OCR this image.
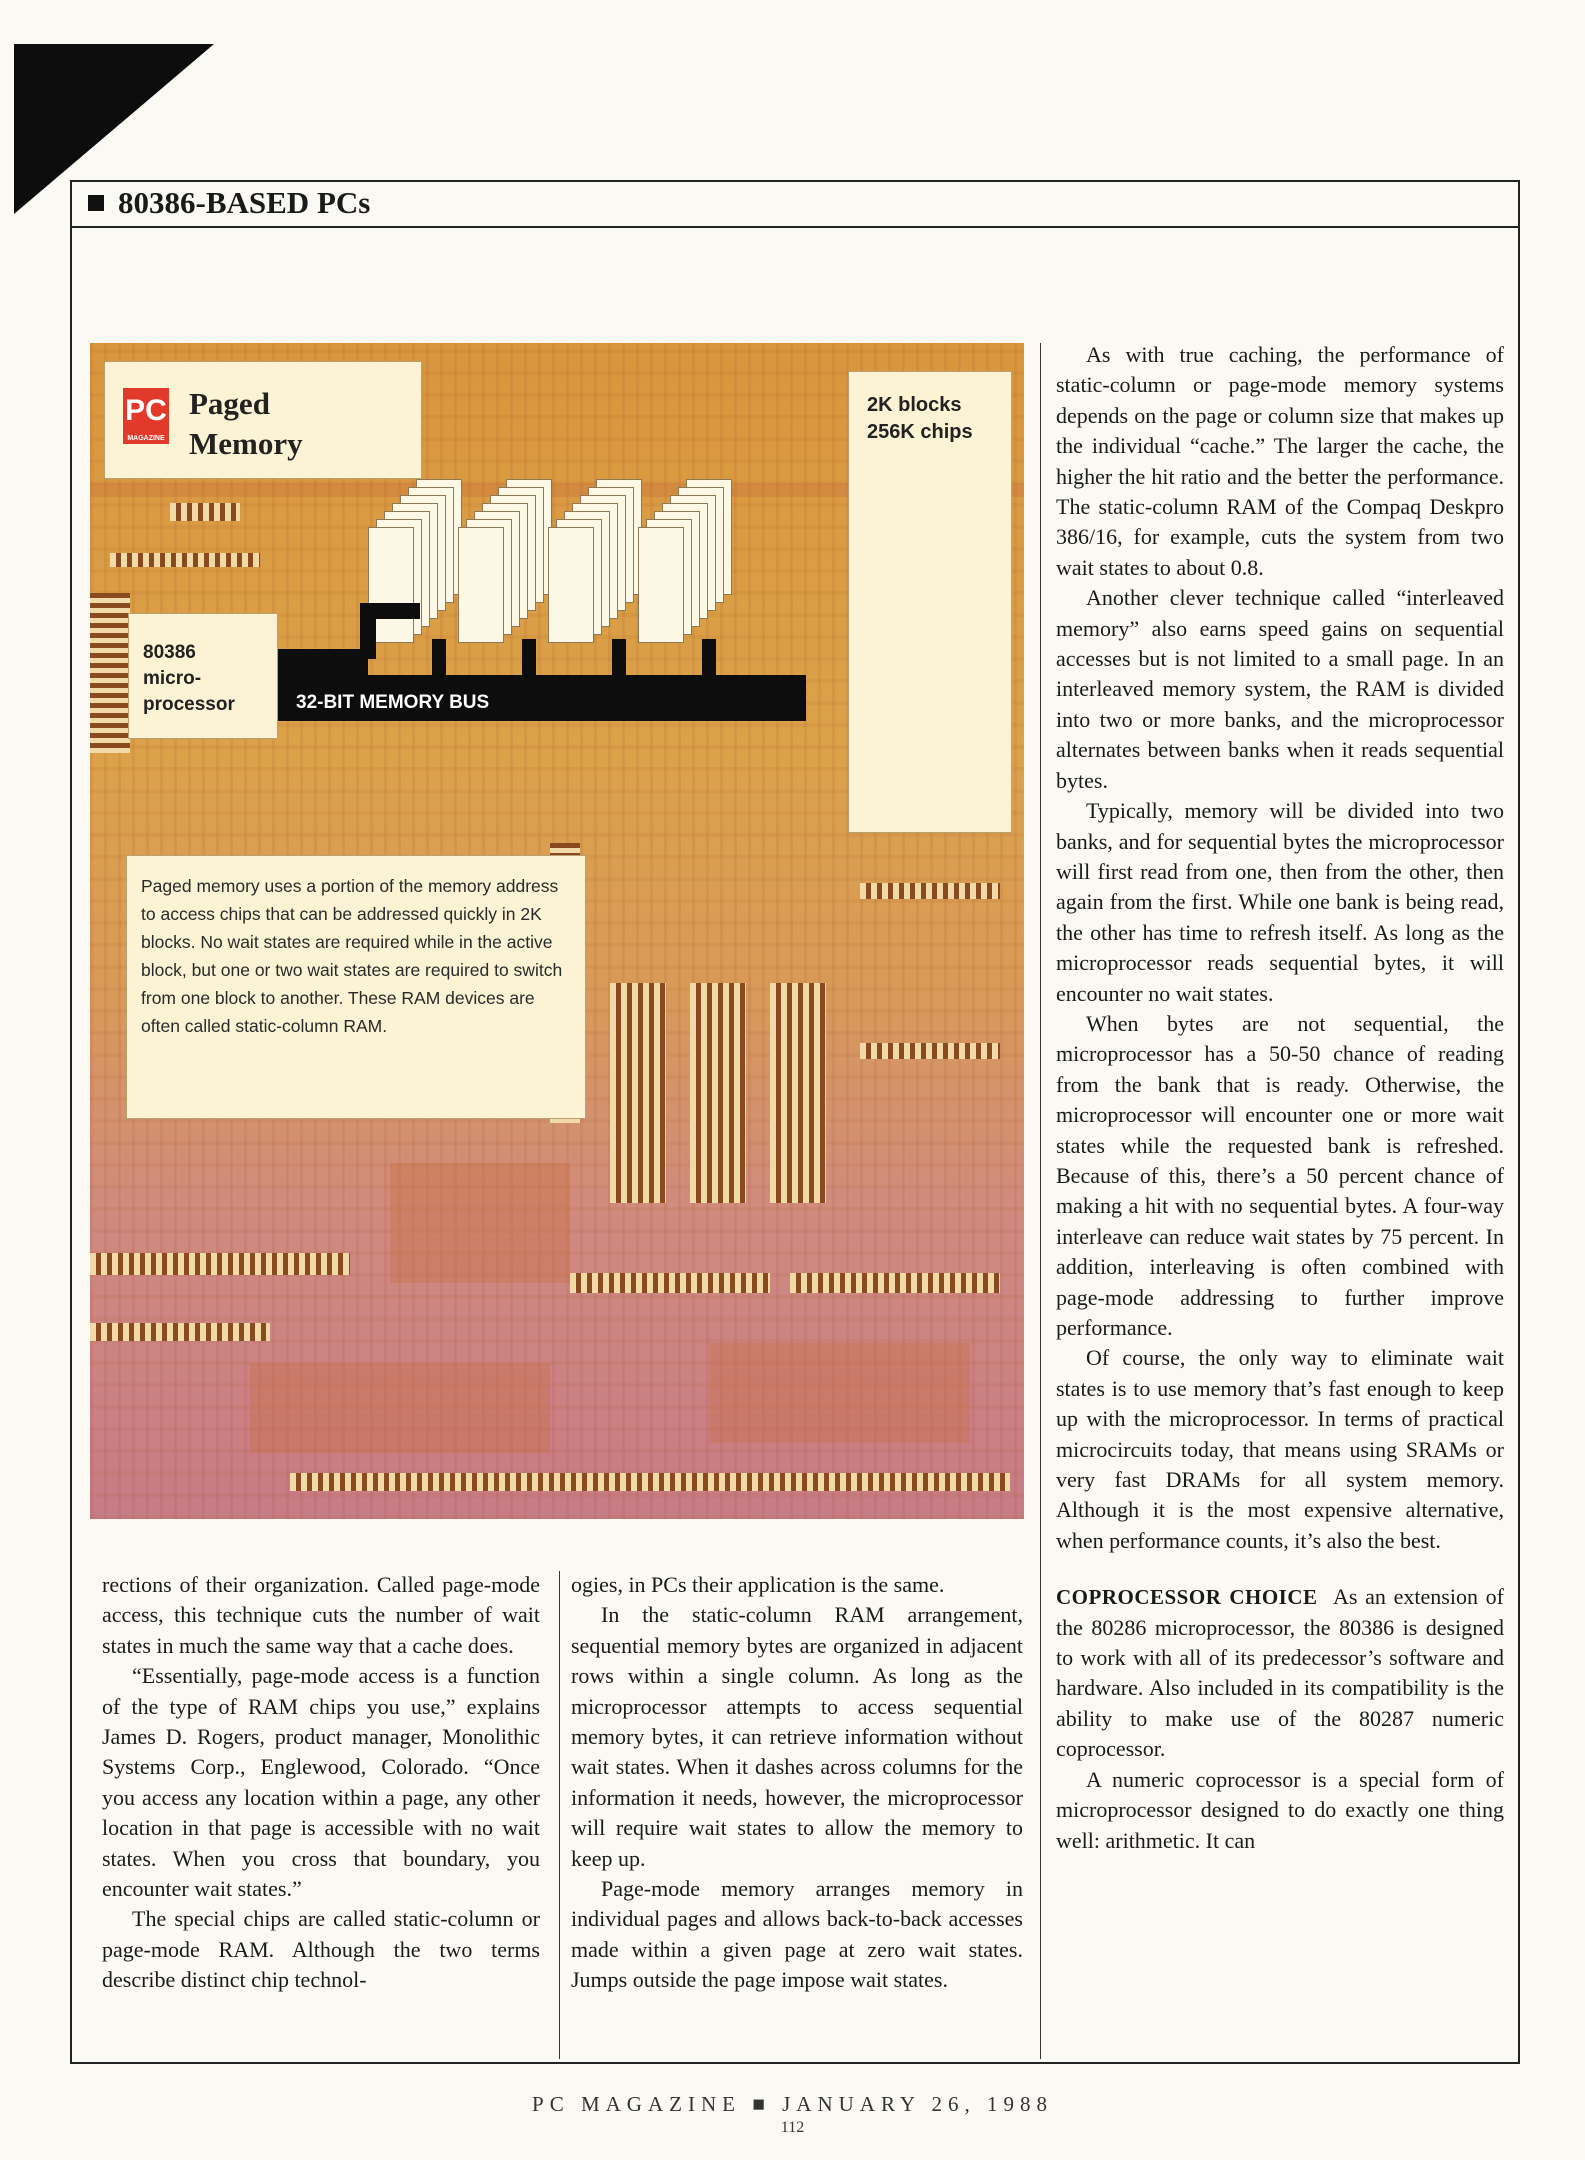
80386-BASED PCs
PC
MAGAZINE
Paged
Memory
2K blocks
256K chips
32-BIT MEMORY BUS
80386
micro-
processor
Paged memory uses a portion of the memory address to access chips that can be addressed quickly in 2K blocks. No wait states are required while in the active block, but one or two wait states are required to switch from one block to another. These RAM devices are often called static-column RAM.

rections of their organization. Called page-mode access, this technique cuts the number of wait states in much the same way that a cache does.

“Essentially, page-mode access is a function of the type of RAM chips you use,” explains James D. Rogers, product manager, Monolithic Systems Corp., Englewood, Colorado. “Once you access any location within a page, any other location in that page is accessible with no wait states. When you cross that boundary, you encounter wait states.”

The special chips are called static-column or page-mode RAM. Although the two terms describe distinct chip technol-

ogies, in PCs their application is the same.

In the static-column RAM arrangement, sequential memory bytes are organized in adjacent rows within a single column. As long as the microprocessor attempts to access sequential memory bytes, it can retrieve information without wait states. When it dashes across columns for the information it needs, however, the microprocessor will require wait states to allow the memory to keep up.

Page-mode memory arranges memory in individual pages and allows back-to-back accesses made within a given page at zero wait states. Jumps outside the page impose wait states.

As with true caching, the performance of static-column or page-mode memory systems depends on the page or column size that makes up the individual “cache.” The larger the cache, the higher the hit ratio and the better the performance. The static-column RAM of the Compaq Deskpro 386/16, for example, cuts the system from two wait states to about 0.8.

Another clever technique called “interleaved memory” also earns speed gains on sequential accesses but is not limited to a small page. In an interleaved memory system, the RAM is divided into two or more banks, and the microprocessor alternates between banks when it reads sequential bytes.

Typically, memory will be divided into two banks, and for sequential bytes the microprocessor will first read from one, then from the other, then again from the first. While one bank is being read, the other has time to refresh itself. As long as the microprocessor reads sequential bytes, it will encounter no wait states.

When bytes are not sequential, the microprocessor has a 50-50 chance of reading from the bank that is ready. Otherwise, the microprocessor will encounter one or more wait states while the requested bank is refreshed. Because of this, there’s a 50 percent chance of making a hit with no sequential bytes. A four-way interleave can reduce wait states by 75 percent. In addition, interleaving is often combined with page-mode addressing to further improve performance.

Of course, the only way to eliminate wait states is to use memory that’s fast enough to keep up with the microprocessor. In terms of practical microcircuits today, that means using SRAMs or very fast DRAMs for all system memory. Although it is the most expensive alternative, when performance counts, it’s also the best.

COPROCESSOR CHOICE As an extension of the 80286 microprocessor, the 80386 is designed to work with all of its predecessor’s software and hardware. Also included in its compatibility is the ability to make use of the 80287 numeric coprocessor.

A numeric coprocessor is a special form of microprocessor designed to do exactly one thing well: arithmetic. It can

PC MAGAZINE ■ JANUARY 26, 1988
112
